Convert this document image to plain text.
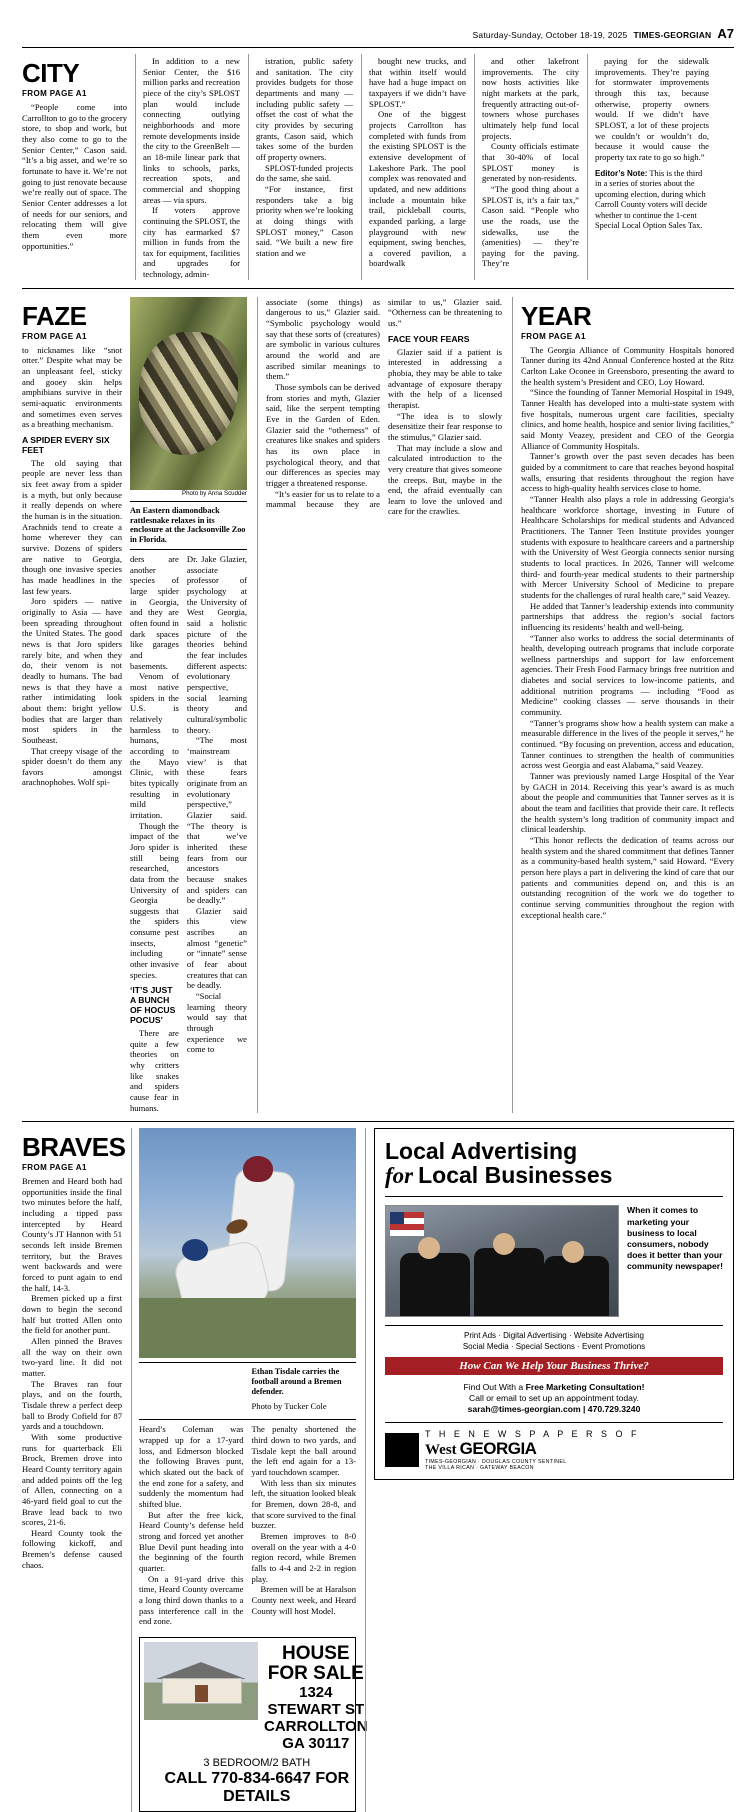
Saturday-Sunday, October 18-19, 2025 TIMES-GEORGIAN A7
CITY
FROM PAGE A1

“People come into Carrollton to go to the grocery store, to shop and work, but they also come to go to the Senior Center,” Cason said. “It’s a big asset, and we’re so fortunate to have it. We’re not going to just renovate because we’re really out of space. The Senior Center addresses a lot of needs for our seniors, and relocating them will give them even more opportunities.”

In addition to a new Senior Center, the $16 million parks and recreation piece of the city’s SPLOST plan would include connecting outlying neighborhoods and more remote developments inside the city to the GreenBelt — an 18-mile linear park that links to schools, parks, recreation spots, and commercial and shopping areas — via spurs.

If voters approve continuing the SPLOST, the city has earmarked $7 million in funds from the tax for equipment, facilities and upgrades for technology, admin-

istration, public safety and sanitation. The city provides budgets for those departments and many — including public safety — offset the cost of what the city provides by securing grants, Cason said, which takes some of the burden off property owners.

SPLOST-funded projects do the same, she said.

“For instance, first responders take a big priority when we’re looking at doing things with SPLOST money,” Cason said. “We built a new fire station and we

bought new trucks, and that within itself would have had a huge impact on taxpayers if we didn’t have SPLOST.”

One of the biggest projects Carrollton has completed with funds from the existing SPLOST is the extensive development of Lakeshore Park. The pool complex was renovated and updated, and new additions include a mountain bike trail, pickleball courts, expanded parking, a large playground with new equipment, swing benches, a covered pavilion, a boardwalk

and other lakefront improvements. The city now hosts activities like night markets at the park, frequently attracting out-of-towners whose purchases ultimately help fund local projects.

County officials estimate that 30-40% of local SPLOST money is generated by non-residents.

“The good thing about a SPLOST is, it’s a fair tax,” Cason said. “People who use the roads, use the sidewalks, use the (amenities) — they’re paying for the paving. They’re

paying for the sidewalk improvements. They’re paying for stormwater improvements through this tax, because otherwise, property owners would. If we didn’t have SPLOST, a lot of these projects we couldn’t or wouldn’t do, because it would cause the property tax rate to go so high.”

Editor’s Note: This is the third in a series of stories about the upcoming election, during which Carroll County voters will decide whether to continue the 1-cent Special Local Option Sales Tax.
FAZE
FROM PAGE A1

to nicknames like “snot otter.” Despite what may be an unpleasant feel, sticky and gooey skin helps amphibians survive in their semi-aquatic environments and sometimes even serves as a breathing mechanism.

A SPIDER EVERY SIX FEET

The old saying that people are never less than six feet away from a spider is a myth, but only because it really depends on where the human is in the situation. Arachnids tend to create a home wherever they can survive. Dozens of spiders are native to Georgia, though one invasive species has made headlines in the last few years.

Joro spiders — native originally to Asia — have been spreading throughout the United States. The good news is that Joro spiders rarely bite, and when they do, their venom is not deadly to humans. The bad news is that they have a rather intimidating look about them: bright yellow bodies that are larger than most spiders in the Southeast.

That creepy visage of the spider doesn’t do them any favors amongst arachnophobes. Wolf spi-

Photo by Anna Scudder
An Eastern diamondback rattlesnake relaxes in its enclosure at the Jacksonville Zoo in Florida.

ders are another species of large spider in Georgia, and they are often found in dark spaces like garages and basements.

Venom of most native spiders in the U.S. is relatively harmless to humans, according to the Mayo Clinic, with bites typically resulting in mild irritation.

Though the impact of the Joro spider is still being researched, data from the University of Georgia suggests that the spiders consume pest insects, including other invasive species.

‘IT’S JUST A BUNCH OF HOCUS POCUS’

There are quite a few theories on why critters like snakes and spiders cause fear in humans.

Dr. Jake Glazier, associate professor of psychology at the University of West Georgia, said a holistic picture of the theories behind the fear includes different aspects: evolutionary perspective, social learning theory and cultural/symbolic theory.

“The most ‘mainstream view’ is that these fears originate from an evolutionary perspective,” Glazier said. “The theory is that we’ve inherited these fears from our ancestors because snakes and spiders can be deadly.”

Glazier said this view ascribes an almost “genetic” or “innate” sense of fear about creatures that can be deadly.

“Social learning theory would say that through experience we come to

associate (some things) as dangerous to us,” Glazier said. “Symbolic psychology would say that these sorts of (creatures) are symbolic in various cultures around the world and are ascribed similar meanings to them.”

Those symbols can be derived from stories and myth, Glazier said, like the serpent tempting Eve in the Garden of Eden. Glazier said the “otherness” of creatures like snakes and spiders has its own place in psychological theory, and that our differences as species may trigger a threatened response.

“It’s easier for us to relate to a mammal because they are similar to us,” Glazier said. “Otherness can be threatening to us.”

FACE YOUR FEARS

Glazier said if a patient is interested in addressing a phobia, they may be able to take advantage of exposure therapy with the help of a licensed therapist.

“The idea is to slowly desensitize their fear response to the stimulus,” Glazier said.

That may include a slow and calculated introduction to the very creature that gives someone the creeps. But, maybe in the end, the afraid eventually can learn to love the unloved and care for the crawlies.

YEAR
FROM PAGE A1

The Georgia Alliance of Community Hospitals honored Tanner during its 42nd Annual Conference hosted at the Ritz Carlton Lake Oconee in Greensboro, presenting the award to the health system’s President and CEO, Loy Howard.

“Since the founding of Tanner Memorial Hospital in 1949, Tanner Health has developed into a multi-state system with five hospitals, numerous urgent care facilities, specialty clinics, and home health, hospice and senior living facilities,” said Monty Veazey, president and CEO of the Georgia Alliance of Community Hospitals.

Tanner’s growth over the past seven decades has been guided by a commitment to care that reaches beyond hospital walls, ensuring that residents throughout the region have access to high-quality health services close to home.

“Tanner Health also plays a role in addressing Georgia’s healthcare workforce shortage, investing in Future of Healthcare Scholarships for medical students and Advanced Practitioners. The Tanner Teen Institute provides younger students with exposure to healthcare careers and a partnership with the University of West Georgia connects senior nursing students to local practices. In 2026, Tanner will welcome third- and fourth-year medical students to their partnership with Mercer University School of Medicine to prepare students for the challenges of rural health care,” said Veazey.

He added that Tanner’s leadership extends into community partnerships that address the region’s social factors influencing its residents’ health and well-being.

“Tanner also works to address the social determinants of health, developing outreach programs that include corporate wellness partnerships and support for law enforcement agencies. Their Fresh Food Farmacy brings free nutrition and diabetes and social services to low-income patients, and additional nutrition programs — including “Food as Medicine” cooking classes — serve thousands in their community.

“Tanner’s programs show how a health system can make a measurable difference in the lives of the people it serves,” he continued. “By focusing on prevention, access and education, Tanner continues to strengthen the health of communities across west Georgia and east Alabama,” said Veazey.

Tanner was previously named Large Hospital of the Year by GACH in 2014. Receiving this year’s award is as much about the people and communities that Tanner serves as it is about the team and facilities that provide their care. It reflects the health system’s long tradition of community impact and clinical leadership.

“This honor reflects the dedication of teams across our health system and the shared commitment that defines Tanner as a community-based health system,” said Howard. “Every person here plays a part in delivering the kind of care that our patients and communities depend on, and this is an outstanding recognition of the work we do together to continue serving communities throughout the region with exceptional health care.”

BRAVES
FROM PAGE A1

Bremen and Heard both had opportunities inside the final two minutes before the half, including a tipped pass intercepted by Heard County’s JT Hannon with 51 seconds left inside Bremen territory, but the Braves went backwards and were forced to punt again to end the half, 14-3.

Bremen picked up a first down to begin the second half but trotted Allen onto the field for another punt.

Allen pinned the Braves all the way on their own two-yard line. It did not matter.

The Braves ran four plays, and on the fourth, Tisdale threw a perfect deep ball to Brody Cofield for 87 yards and a touchdown.

With some productive runs for quarterback Eli Brock, Bremen drove into Heard County territory again and added points off the leg of Allen, connecting on a 46-yard field goal to cut the Brave lead back to two scores, 21-6.

Heard County took the following kickoff, and Bremen’s defense caused chaos.

Ethan Tisdale carries the football around a Bremen defender.
Photo by Tucker Cole

Heard’s Coleman was wrapped up for a 17-yard loss, and Edmerson blocked the following Braves punt, which skated out the back of the end zone for a safety, and suddenly the momentum had shifted blue.

But after the free kick, Heard County’s defense held strong and forced yet another Blue Devil punt heading into the beginning of the fourth quarter.

On a 91-yard drive this time, Heard County overcame a long third down thanks to a pass interference call in the end zone.

The penalty shortened the third down to two yards, and Tisdale kept the ball around the left end again for a 13-yard touchdown scamper.

With less than six minutes left, the situation looked bleak for Bremen, down 28-8, and that score survived to the final buzzer.

Bremen improves to 8-0 overall on the year with a 4-0 region record, while Bremen falls to 4-4 and 2-2 in region play.

Bremen will be at Haralson County next week, and Heard County will host Model.

HOUSE FOR SALE
1324 STEWART ST
CARROLLTON GA 30117
3 BEDROOM/2 BATH
CALL 770-834-6647 FOR DETAILS
Local Advertising
for Local Businesses
When it comes to marketing your business to local consumers, nobody does it better than your community newspaper!
Print Ads · Digital Advertising · Website Advertising
Social Media · Special Sections · Event Promotions
How Can We Help Your Business Thrive?
Find Out With a Free Marketing Consultation!
Call or email to set up an appointment today.
sarah@times-georgian.com | 470.729.3240
T H E N E W S P A P E R S O F
West GEORGIA
TIMES-GEORGIAN · DOUGLAS COUNTY SENTINEL
THE VILLA RICAN · GATEWAY BEACON
